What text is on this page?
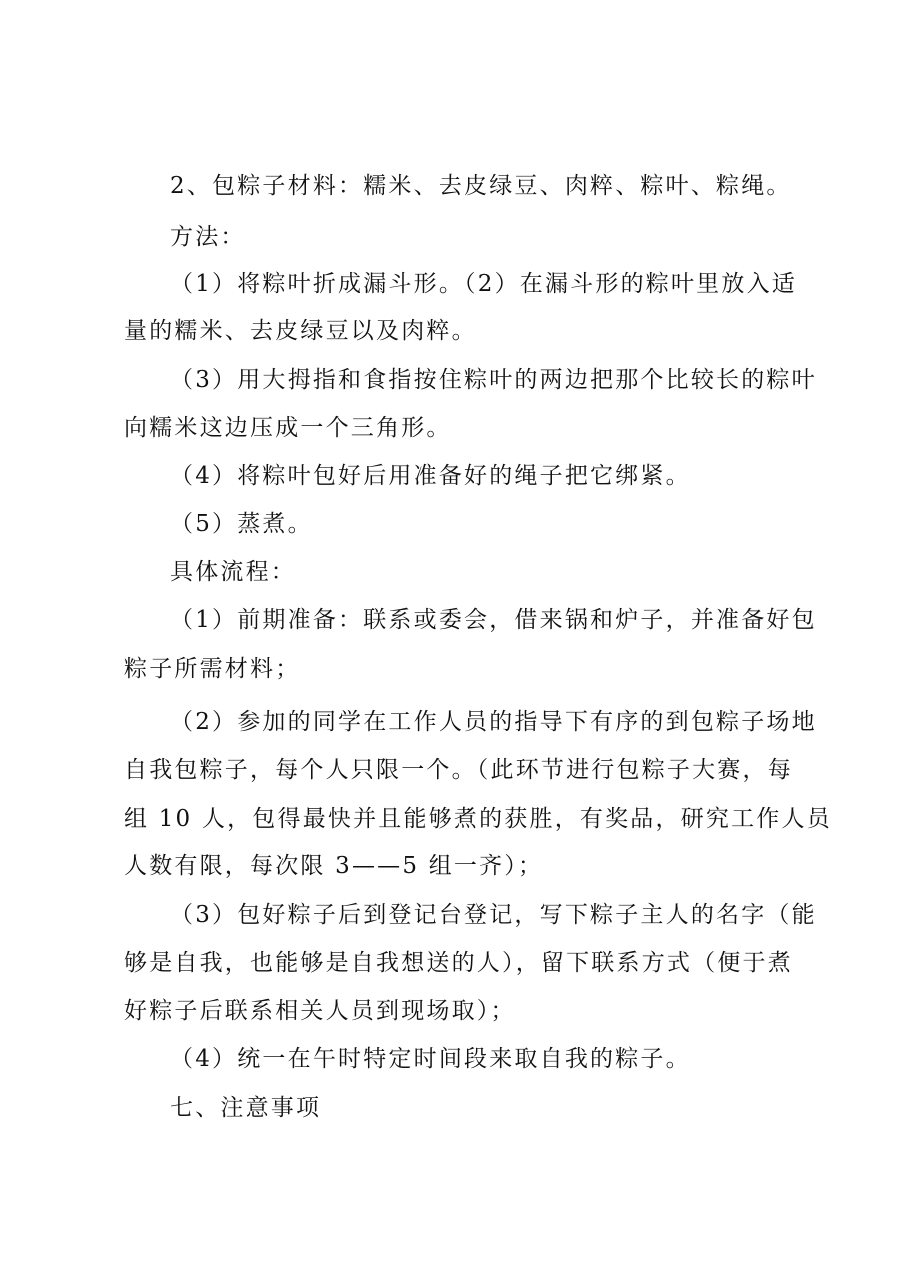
2、包粽子材料：糯米、去皮绿豆、肉粹、粽叶、粽绳。
方法：
（1）将粽叶折成漏斗形。（2）在漏斗形的粽叶里放入适
量的糯米、去皮绿豆以及肉粹。
（3）用大拇指和食指按住粽叶的两边把那个比较长的粽叶
向糯米这边压成一个三角形。
（4）将粽叶包好后用准备好的绳子把它绑紧。
（5）蒸煮。
具体流程：
（1）前期准备：联系或委会，借来锅和炉子，并准备好包
粽子所需材料；
（2）参加的同学在工作人员的指导下有序的到包粽子场地
自我包粽子，每个人只限一个。（此环节进行包粽子大赛，每
组 10 人，包得最快并且能够煮的获胜，有奖品，研究工作人员
人数有限，每次限 3——5 组一齐）；
（3）包好粽子后到登记台登记，写下粽子主人的名字（能
够是自我，也能够是自我想送的人），留下联系方式（便于煮
好粽子后联系相关人员到现场取）；
（4）统一在午时特定时间段来取自我的粽子。
七、注意事项
